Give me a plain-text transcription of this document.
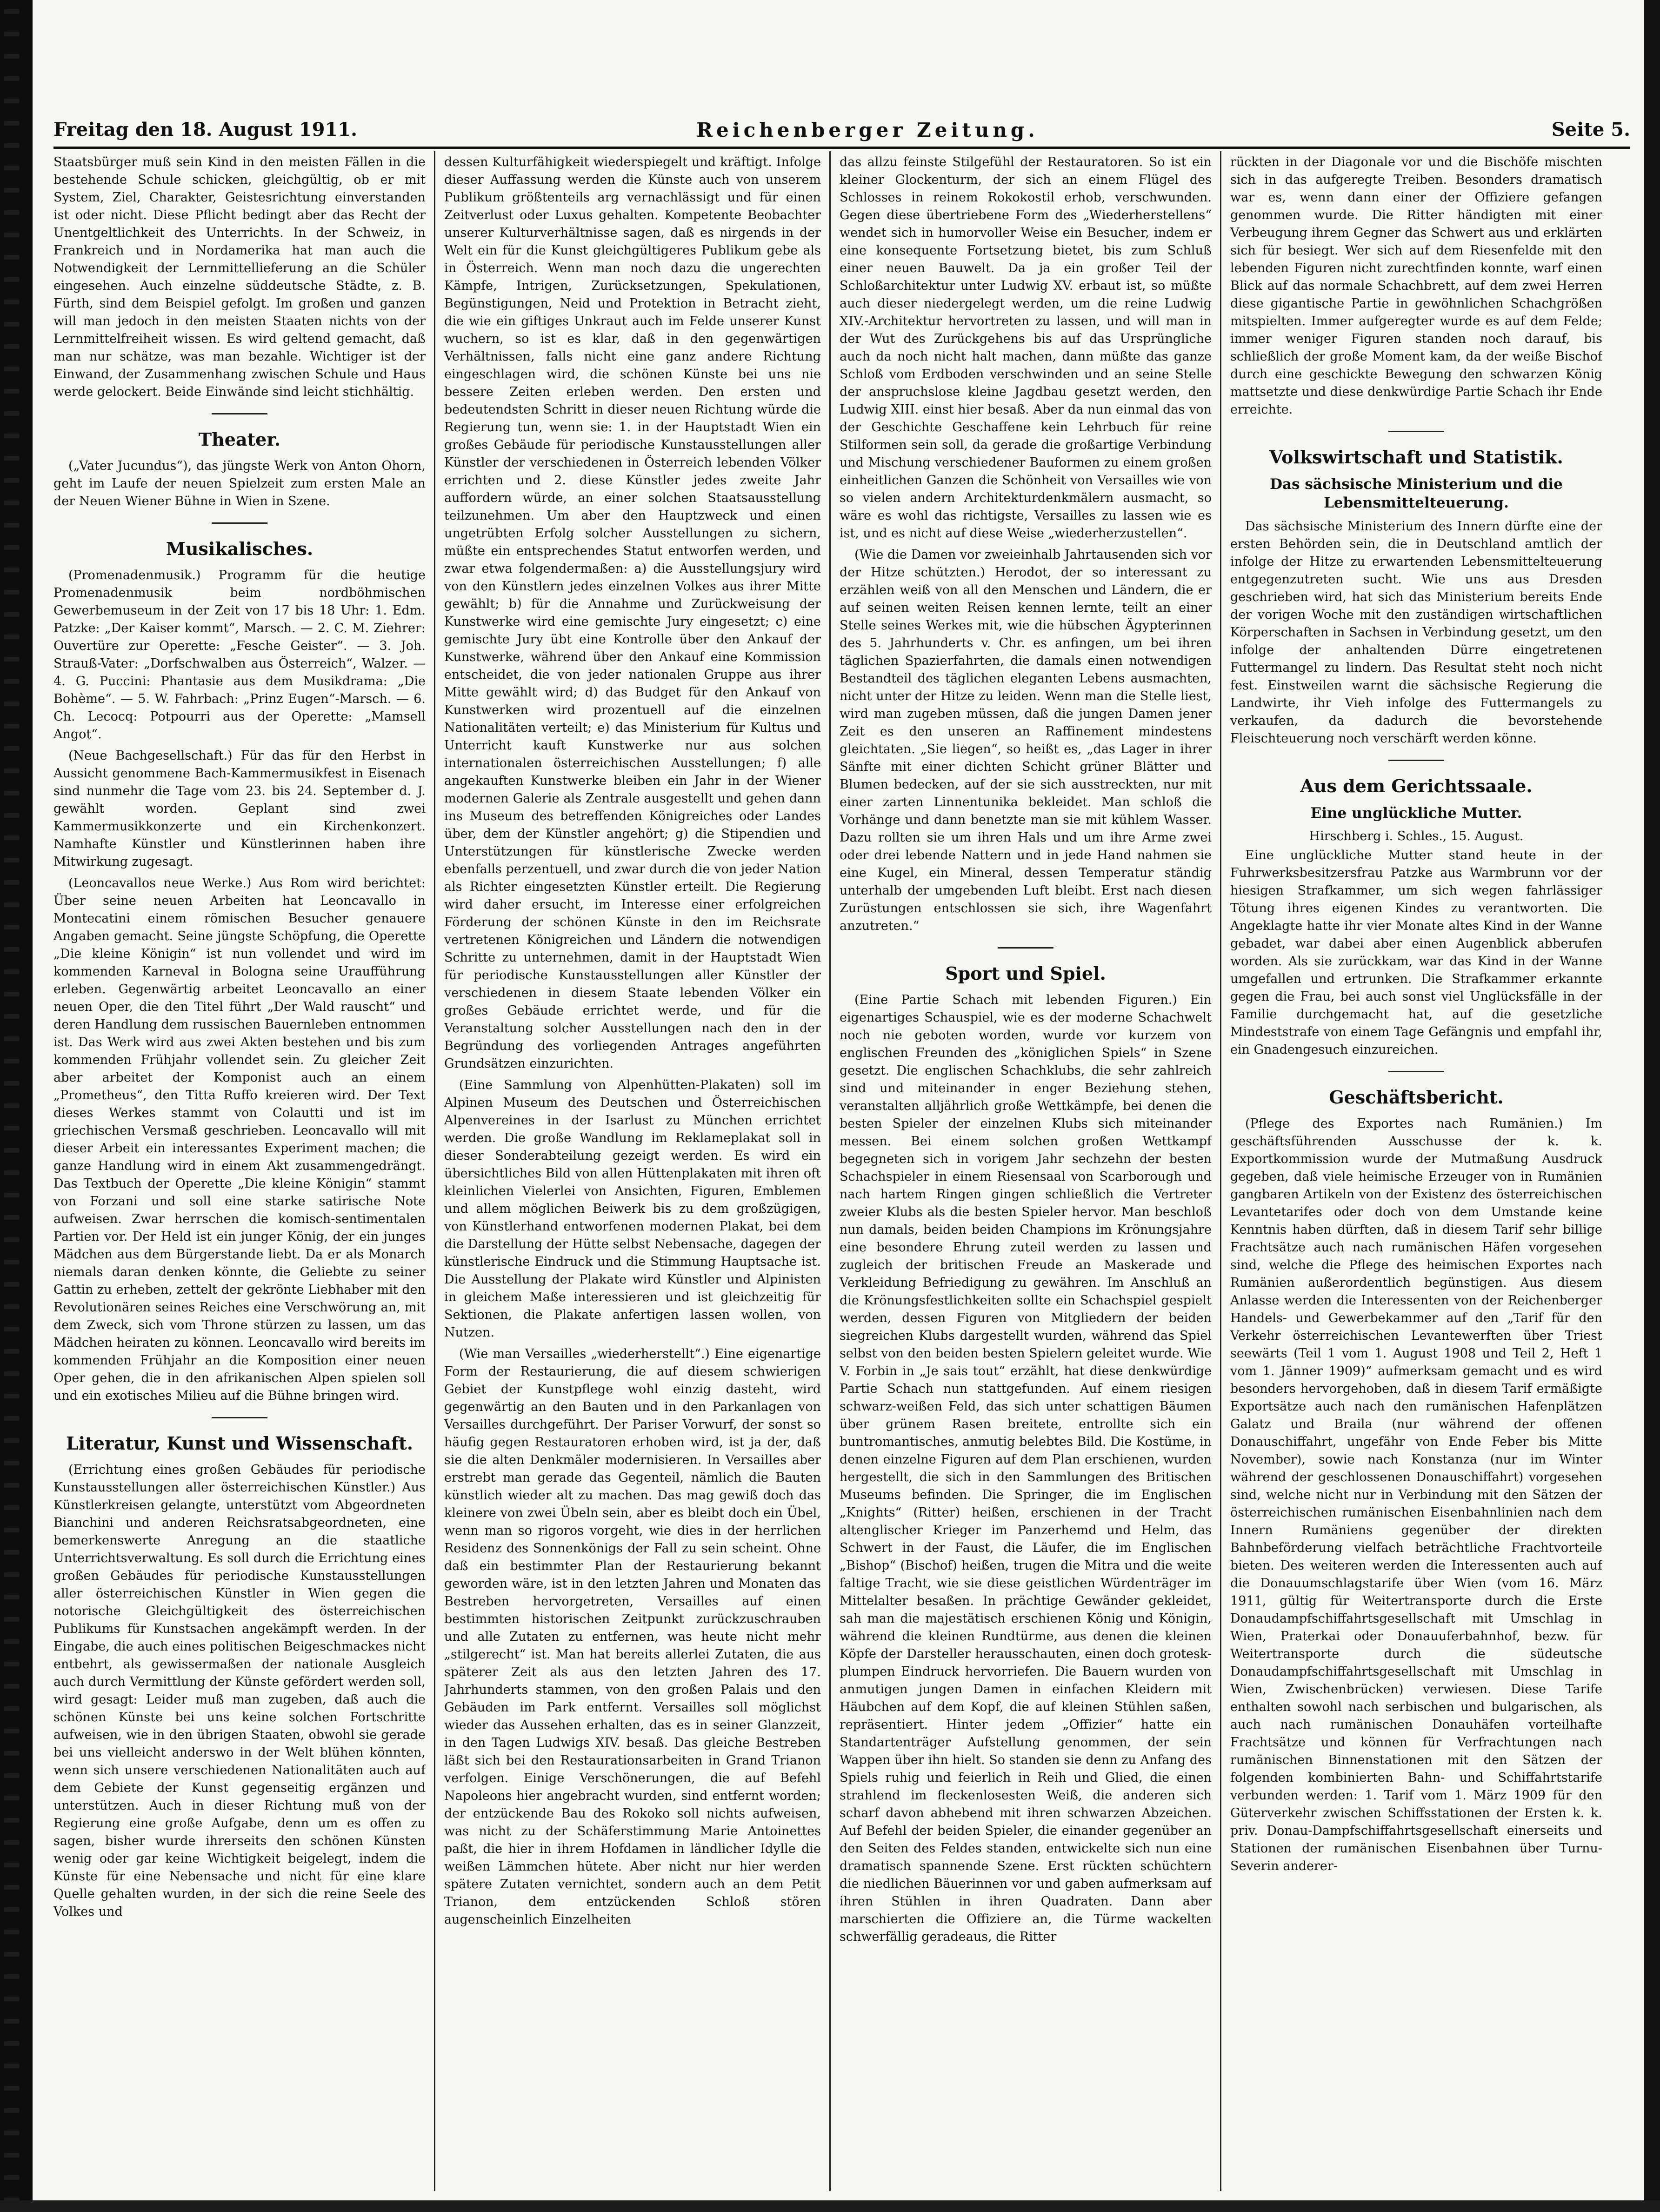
Freitag den 18. August 1911.	Reichenberger Zeitung.	Seite 5.

Staatsbürger muß sein Kind in den meisten Fällen in die bestehende Schule schicken, gleichgültig, ob er mit System, Ziel, Charakter, Geistesrichtung einverstanden ist oder nicht. Diese Pflicht bedingt aber das Recht der Unentgeltlichkeit des Unterrichts. In der Schweiz, in Frankreich und in Nordamerika hat man auch die Notwendigkeit der Lernmittellieferung an die Schüler eingesehen. Auch einzelne süddeutsche Städte, z. B. Fürth, sind dem Beispiel gefolgt. Im großen und ganzen will man jedoch in den meisten Staaten nichts von der Lernmittelfreiheit wissen. Es wird geltend gemacht, daß man nur schätze, was man bezahle. Wichtiger ist der Einwand, der Zusammenhang zwischen Schule und Haus werde gelockert. Beide Einwände sind leicht stichhältig.

Theater.

(„Vater Jucundus“), das jüngste Werk von Anton Ohorn, geht im Laufe der neuen Spielzeit zum ersten Male an der Neuen Wiener Bühne in Wien in Szene.

Musikalisches.

(Promenadenmusik.) Programm für die heutige Promenadenmusik beim nordböhmischen Gewerbemuseum in der Zeit von 17 bis 18 Uhr: 1. Edm. Patzke: „Der Kaiser kommt“, Marsch. — 2. C. M. Ziehrer: Ouvertüre zur Operette: „Fesche Geister“. — 3. Joh. Strauß-Vater: „Dorfschwalben aus Österreich“, Walzer. — 4. G. Puccini: Phantasie aus dem Musikdrama: „Die Bohème“. — 5. W. Fahrbach: „Prinz Eugen“-Marsch. — 6. Ch. Lecocq: Potpourri aus der Operette: „Mamsell Angot“.

(Neue Bachgesellschaft.) Für das für den Herbst in Aussicht genommene Bach-Kammermusikfest in Eisenach sind nunmehr die Tage vom 23. bis 24. September d. J. gewählt worden. Geplant sind zwei Kammermusikkonzerte und ein Kirchenkonzert. Namhafte Künstler und Künstlerinnen haben ihre Mitwirkung zugesagt.

(Leoncavallos neue Werke.) Aus Rom wird berichtet: Über seine neuen Arbeiten hat Leoncavallo in Montecatini einem römischen Besucher genauere Angaben gemacht. Seine jüngste Schöpfung, die Operette „Die kleine Königin“ ist nun vollendet und wird im kommenden Karneval in Bologna seine Uraufführung erleben. Gegenwärtig arbeitet Leoncavallo an einer neuen Oper, die den Titel führt „Der Wald rauscht“ und deren Handlung dem russischen Bauernleben entnommen ist. Das Werk wird aus zwei Akten bestehen und bis zum kommenden Frühjahr vollendet sein. Zu gleicher Zeit aber arbeitet der Komponist auch an einem „Prometheus“, den Titta Ruffo kreieren wird. Der Text dieses Werkes stammt von Colautti und ist im griechischen Versmaß geschrieben. Leoncavallo will mit dieser Arbeit ein interessantes Experiment machen; die ganze Handlung wird in einem Akt zusammengedrängt. Das Textbuch der Operette „Die kleine Königin“ stammt von Forzani und soll eine starke satirische Note aufweisen. Zwar herrschen die komisch-sentimentalen Partien vor. Der Held ist ein junger König, der ein junges Mädchen aus dem Bürgerstande liebt. Da er als Monarch niemals daran denken könnte, die Geliebte zu seiner Gattin zu erheben, zettelt der gekrönte Liebhaber mit den Revolutionären seines Reiches eine Verschwörung an, mit dem Zweck, sich vom Throne stürzen zu lassen, um das Mädchen heiraten zu können. Leoncavallo wird bereits im kommenden Frühjahr an die Komposition einer neuen Oper gehen, die in den afrikanischen Alpen spielen soll und ein exotisches Milieu auf die Bühne bringen wird.

Literatur, Kunst und Wissenschaft.

(Errichtung eines großen Gebäudes für periodische Kunstausstellungen aller österreichischen Künstler.) Aus Künstlerkreisen gelangte, unterstützt vom Abgeordneten Bianchini und anderen Reichsratsabgeordneten, eine bemerkenswerte Anregung an die staatliche Unterrichtsverwaltung. Es soll durch die Errichtung eines großen Gebäudes für periodische Kunstausstellungen aller österreichischen Künstler in Wien gegen die notorische Gleichgültigkeit des österreichischen Publikums für Kunstsachen angekämpft werden. In der Eingabe, die auch eines politischen Beigeschmackes nicht entbehrt, als gewissermaßen der nationale Ausgleich auch durch Vermittlung der Künste gefördert werden soll, wird gesagt: Leider muß man zugeben, daß auch die schönen Künste bei uns keine solchen Fortschritte aufweisen, wie in den übrigen Staaten, obwohl sie gerade bei uns vielleicht anderswo in der Welt blühen könnten, wenn sich unsere verschiedenen Nationalitäten auch auf dem Gebiete der Kunst gegenseitig ergänzen und unterstützen. Auch in dieser Richtung muß von der Regierung eine große Aufgabe, denn um es offen zu sagen, bisher wurde ihrerseits den schönen Künsten wenig oder gar keine Wichtigkeit beigelegt, indem die Künste für eine Nebensache und nicht für eine klare Quelle gehalten wurden, in der sich die reine Seele des Volkes und

dessen Kulturfähigkeit wiederspiegelt und kräftigt. Infolge dieser Auffassung werden die Künste auch von unserem Publikum größtenteils arg vernachlässigt und für einen Zeitverlust oder Luxus gehalten. Kompetente Beobachter unserer Kulturverhältnisse sagen, daß es nirgends in der Welt ein für die Kunst gleichgültigeres Publikum gebe als in Österreich. Wenn man noch dazu die ungerechten Kämpfe, Intrigen, Zurücksetzungen, Spekulationen, Begünstigungen, Neid und Protektion in Betracht zieht, die wie ein giftiges Unkraut auch im Felde unserer Kunst wuchern, so ist es klar, daß in den gegenwärtigen Verhältnissen, falls nicht eine ganz andere Richtung eingeschlagen wird, die schönen Künste bei uns nie bessere Zeiten erleben werden. Den ersten und bedeutendsten Schritt in dieser neuen Richtung würde die Regierung tun, wenn sie: 1. in der Hauptstadt Wien ein großes Gebäude für periodische Kunstausstellungen aller Künstler der verschiedenen in Österreich lebenden Völker errichten und 2. diese Künstler jedes zweite Jahr auffordern würde, an einer solchen Staatsausstellung teilzunehmen. Um aber den Hauptzweck und einen ungetrübten Erfolg solcher Ausstellungen zu sichern, müßte ein entsprechendes Statut entworfen werden, und zwar etwa folgendermaßen: a) die Ausstellungsjury wird von den Künstlern jedes einzelnen Volkes aus ihrer Mitte gewählt; b) für die Annahme und Zurückweisung der Kunstwerke wird eine gemischte Jury eingesetzt; c) eine gemischte Jury übt eine Kontrolle über den Ankauf der Kunstwerke, während über den Ankauf eine Kommission entscheidet, die von jeder nationalen Gruppe aus ihrer Mitte gewählt wird; d) das Budget für den Ankauf von Kunstwerken wird prozentuell auf die einzelnen Nationalitäten verteilt; e) das Ministerium für Kultus und Unterricht kauft Kunstwerke nur aus solchen internationalen österreichischen Ausstellungen; f) alle angekauften Kunstwerke bleiben ein Jahr in der Wiener modernen Galerie als Zentrale ausgestellt und gehen dann ins Museum des betreffenden Königreiches oder Landes über, dem der Künstler angehört; g) die Stipendien und Unterstützungen für künstlerische Zwecke werden ebenfalls perzentuell, und zwar durch die von jeder Nation als Richter eingesetzten Künstler erteilt. Die Regierung wird daher ersucht, im Interesse einer erfolgreichen Förderung der schönen Künste in den im Reichsrate vertretenen Königreichen und Ländern die notwendigen Schritte zu unternehmen, damit in der Hauptstadt Wien für periodische Kunstausstellungen aller Künstler der verschiedenen in diesem Staate lebenden Völker ein großes Gebäude errichtet werde, und für die Veranstaltung solcher Ausstellungen nach den in der Begründung des vorliegenden Antrages angeführten Grundsätzen einzurichten.

(Eine Sammlung von Alpenhütten-Plakaten) soll im Alpinen Museum des Deutschen und Österreichischen Alpenvereines in der Isarlust zu München errichtet werden. Die große Wandlung im Reklameplakat soll in dieser Sonderabteilung gezeigt werden. Es wird ein übersichtliches Bild von allen Hüttenplakaten mit ihren oft kleinlichen Vielerlei von Ansichten, Figuren, Emblemen und allem möglichen Beiwerk bis zu dem großzügigen, von Künstlerhand entworfenen modernen Plakat, bei dem die Darstellung der Hütte selbst Nebensache, dagegen der künstlerische Eindruck und die Stimmung Hauptsache ist. Die Ausstellung der Plakate wird Künstler und Alpinisten in gleichem Maße interessieren und ist gleichzeitig für Sektionen, die Plakate anfertigen lassen wollen, von Nutzen.

(Wie man Versailles „wiederherstellt“.) Eine eigenartige Form der Restaurierung, die auf diesem schwierigen Gebiet der Kunstpflege wohl einzig dasteht, wird gegenwärtig an den Bauten und in den Parkanlagen von Versailles durchgeführt. Der Pariser Vorwurf, der sonst so häufig gegen Restauratoren erhoben wird, ist ja der, daß sie die alten Denkmäler modernisieren. In Versailles aber erstrebt man gerade das Gegenteil, nämlich die Bauten künstlich wieder alt zu machen. Das mag gewiß doch das kleinere von zwei Übeln sein, aber es bleibt doch ein Übel, wenn man so rigoros vorgeht, wie dies in der herrlichen Residenz des Sonnenkönigs der Fall zu sein scheint. Ohne daß ein bestimmter Plan der Restaurierung bekannt geworden wäre, ist in den letzten Jahren und Monaten das Bestreben hervorgetreten, Versailles auf einen bestimmten historischen Zeitpunkt zurückzuschrauben und alle Zutaten zu entfernen, was heute nicht mehr „stilgerecht“ ist. Man hat bereits allerlei Zutaten, die aus späterer Zeit als aus den letzten Jahren des 17. Jahrhunderts stammen, von den großen Palais und den Gebäuden im Park entfernt. Versailles soll möglichst wieder das Aussehen erhalten, das es in seiner Glanzzeit, in den Tagen Ludwigs XIV. besaß. Das gleiche Bestreben läßt sich bei den Restaurationsarbeiten in Grand Trianon verfolgen. Einige Verschönerungen, die auf Befehl Napoleons hier angebracht wurden, sind entfernt worden; der entzückende Bau des Rokoko soll nichts aufweisen, was nicht zu der Schäferstimmung Marie Antoinettes paßt, die hier in ihrem Hofdamen in ländlicher Idylle die weißen Lämmchen hütete. Aber nicht nur hier werden spätere Zutaten vernichtet, sondern auch an dem Petit Trianon, dem entzückenden Schloß stören augenscheinlich Einzelheiten

das allzu feinste Stilgefühl der Restauratoren. So ist ein kleiner Glockenturm, der sich an einem Flügel des Schlosses in reinem Rokokostil erhob, verschwunden. Gegen diese übertriebene Form des „Wiederherstellens“ wendet sich in humorvoller Weise ein Besucher, indem er eine konsequente Fortsetzung bietet, bis zum Schluß einer neuen Bauwelt. Da ja ein großer Teil der Schloßarchitektur unter Ludwig XV. erbaut ist, so müßte auch dieser niedergelegt werden, um die reine Ludwig XIV.-Architektur hervortreten zu lassen, und will man in der Wut des Zurückgehens bis auf das Ursprüngliche auch da noch nicht halt machen, dann müßte das ganze Schloß vom Erdboden verschwinden und an seine Stelle der anspruchslose kleine Jagdbau gesetzt werden, den Ludwig XIII. einst hier besaß. Aber da nun einmal das von der Geschichte Geschaffene kein Lehrbuch für reine Stilformen sein soll, da gerade die großartige Verbindung und Mischung verschiedener Bauformen zu einem großen einheitlichen Ganzen die Schönheit von Versailles wie von so vielen andern Architekturdenkmälern ausmacht, so wäre es wohl das richtigste, Versailles zu lassen wie es ist, und es nicht auf diese Weise „wiederherzustellen“.

(Wie die Damen vor zweieinhalb Jahrtausenden sich vor der Hitze schützten.) Herodot, der so interessant zu erzählen weiß von all den Menschen und Ländern, die er auf seinen weiten Reisen kennen lernte, teilt an einer Stelle seines Werkes mit, wie die hübschen Ägypterinnen des 5. Jahrhunderts v. Chr. es anfingen, um bei ihren täglichen Spazierfahrten, die damals einen notwendigen Bestandteil des täglichen eleganten Lebens ausmachten, nicht unter der Hitze zu leiden. Wenn man die Stelle liest, wird man zugeben müssen, daß die jungen Damen jener Zeit es den unseren an Raffinement mindestens gleichtaten. „Sie liegen“, so heißt es, „das Lager in ihrer Sänfte mit einer dichten Schicht grüner Blätter und Blumen bedecken, auf der sie sich ausstreckten, nur mit einer zarten Linnentunika bekleidet. Man schloß die Vorhänge und dann benetzte man sie mit kühlem Wasser. Dazu rollten sie um ihren Hals und um ihre Arme zwei oder drei lebende Nattern und in jede Hand nahmen sie eine Kugel, ein Mineral, dessen Temperatur ständig unterhalb der umgebenden Luft bleibt. Erst nach diesen Zurüstungen entschlossen sie sich, ihre Wagenfahrt anzutreten.“

Sport und Spiel.

(Eine Partie Schach mit lebenden Figuren.) Ein eigenartiges Schauspiel, wie es der moderne Schachwelt noch nie geboten worden, wurde vor kurzem von englischen Freunden des „königlichen Spiels“ in Szene gesetzt. Die englischen Schachklubs, die sehr zahlreich sind und miteinander in enger Beziehung stehen, veranstalten alljährlich große Wettkämpfe, bei denen die besten Spieler der einzelnen Klubs sich miteinander messen. Bei einem solchen großen Wettkampf begegneten sich in vorigem Jahr sechzehn der besten Schachspieler in einem Riesensaal von Scarborough und nach hartem Ringen gingen schließlich die Vertreter zweier Klubs als die besten Spieler hervor. Man beschloß nun damals, beiden beiden Champions im Krönungsjahre eine besondere Ehrung zuteil werden zu lassen und zugleich der britischen Freude an Maskerade und Verkleidung Befriedigung zu gewähren. Im Anschluß an die Krönungsfestlichkeiten sollte ein Schachspiel gespielt werden, dessen Figuren von Mitgliedern der beiden siegreichen Klubs dargestellt wurden, während das Spiel selbst von den beiden besten Spielern geleitet wurde. Wie V. Forbin in „Je sais tout“ erzählt, hat diese denkwürdige Partie Schach nun stattgefunden. Auf einem riesigen schwarz-weißen Feld, das sich unter schattigen Bäumen über grünem Rasen breitete, entrollte sich ein buntromantisches, anmutig belebtes Bild. Die Kostüme, in denen einzelne Figuren auf dem Plan erschienen, wurden hergestellt, die sich in den Sammlungen des Britischen Museums befinden. Die Springer, die im Englischen „Knights“ (Ritter) heißen, erschienen in der Tracht altenglischer Krieger im Panzerhemd und Helm, das Schwert in der Faust, die Läufer, die im Englischen „Bishop“ (Bischof) heißen, trugen die Mitra und die weite faltige Tracht, wie sie diese geistlichen Würdenträger im Mittelalter besaßen. In prächtige Gewänder gekleidet, sah man die majestätisch erschienen König und Königin, während die kleinen Rundtürme, aus denen die kleinen Köpfe der Darsteller herausschauten, einen doch grotesk-plumpen Eindruck hervorriefen. Die Bauern wurden von anmutigen jungen Damen in einfachen Kleidern mit Häubchen auf dem Kopf, die auf kleinen Stühlen saßen, repräsentiert. Hinter jedem „Offizier“ hatte ein Standartenträger Aufstellung genommen, der sein Wappen über ihn hielt. So standen sie denn zu Anfang des Spiels ruhig und feierlich in Reih und Glied, die einen strahlend im fleckenlosesten Weiß, die anderen sich scharf davon abhebend mit ihren schwarzen Abzeichen. Auf Befehl der beiden Spieler, die einander gegenüber an den Seiten des Feldes standen, entwickelte sich nun eine dramatisch spannende Szene. Erst rückten schüchtern die niedlichen Bäuerinnen vor und gaben aufmerksam auf ihren Stühlen in ihren Quadraten. Dann aber marschierten die Offiziere an, die Türme wackelten schwerfällig geradeaus, die Ritter

rückten in der Diagonale vor und die Bischöfe mischten sich in das aufgeregte Treiben. Besonders dramatisch war es, wenn dann einer der Offiziere gefangen genommen wurde. Die Ritter händigten mit einer Verbeugung ihrem Gegner das Schwert aus und erklärten sich für besiegt. Wer sich auf dem Riesenfelde mit den lebenden Figuren nicht zurechtfinden konnte, warf einen Blick auf das normale Schachbrett, auf dem zwei Herren diese gigantische Partie in gewöhnlichen Schachgrößen mitspielten. Immer aufgeregter wurde es auf dem Felde; immer weniger Figuren standen noch darauf, bis schließlich der große Moment kam, da der weiße Bischof durch eine geschickte Bewegung den schwarzen König mattsetzte und diese denkwürdige Partie Schach ihr Ende erreichte.

Volkswirtschaft und Statistik.
Das sächsische Ministerium und die Lebensmittelteuerung.

Das sächsische Ministerium des Innern dürfte eine der ersten Behörden sein, die in Deutschland amtlich der infolge der Hitze zu erwartenden Lebensmittelteuerung entgegenzutreten sucht. Wie uns aus Dresden geschrieben wird, hat sich das Ministerium bereits Ende der vorigen Woche mit den zuständigen wirtschaftlichen Körperschaften in Sachsen in Verbindung gesetzt, um den infolge der anhaltenden Dürre eingetretenen Futtermangel zu lindern. Das Resultat steht noch nicht fest. Einstweilen warnt die sächsische Regierung die Landwirte, ihr Vieh infolge des Futtermangels zu verkaufen, da dadurch die bevorstehende Fleischteuerung noch verschärft werden könne.

Aus dem Gerichtssaale.
Eine unglückliche Mutter.
Hirschberg i. Schles., 15. August.

Eine unglückliche Mutter stand heute in der Fuhrwerksbesitzersfrau Patzke aus Warmbrunn vor der hiesigen Strafkammer, um sich wegen fahrlässiger Tötung ihres eigenen Kindes zu verantworten. Die Angeklagte hatte ihr vier Monate altes Kind in der Wanne gebadet, war dabei aber einen Augenblick abberufen worden. Als sie zurückkam, war das Kind in der Wanne umgefallen und ertrunken. Die Strafkammer erkannte gegen die Frau, bei auch sonst viel Unglücksfälle in der Familie durchgemacht hat, auf die gesetzliche Mindeststrafe von einem Tage Gefängnis und empfahl ihr, ein Gnadengesuch einzureichen.

Geschäftsbericht.

(Pflege des Exportes nach Rumänien.) Im geschäftsführenden Ausschusse der k. k. Exportkommission wurde der Mutmaßung Ausdruck gegeben, daß viele heimische Erzeuger von in Rumänien gangbaren Artikeln von der Existenz des österreichischen Levantetarifes oder doch von dem Umstande keine Kenntnis haben dürften, daß in diesem Tarif sehr billige Frachtsätze auch nach rumänischen Häfen vorgesehen sind, welche die Pflege des heimischen Exportes nach Rumänien außerordentlich begünstigen. Aus diesem Anlasse werden die Interessenten von der Reichenberger Handels- und Gewerbekammer auf den „Tarif für den Verkehr österreichischen Levantewerften über Triest seewärts (Teil 1 vom 1. August 1908 und Teil 2, Heft 1 vom 1. Jänner 1909)“ aufmerksam gemacht und es wird besonders hervorgehoben, daß in diesem Tarif ermäßigte Exportsätze auch nach den rumänischen Hafenplätzen Galatz und Braila (nur während der offenen Donauschiffahrt, ungefähr von Ende Feber bis Mitte November), sowie nach Konstanza (nur im Winter während der geschlossenen Donauschiffahrt) vorgesehen sind, welche nicht nur in Verbindung mit den Sätzen der österreichischen rumänischen Eisenbahnlinien nach dem Innern Rumäniens gegenüber der direkten Bahnbeförderung vielfach beträchtliche Frachtvorteile bieten. Des weiteren werden die Interessenten auch auf die Donauumschlagstarife über Wien (vom 16. März 1911, gültig für Weitertransporte durch die Erste Donaudampfschiffahrtsgesellschaft mit Umschlag in Wien, Praterkai oder Donauuferbahnhof, bezw. für Weitertransporte durch die südeutsche Donaudampfschiffahrtsgesellschaft mit Umschlag in Wien, Zwischenbrücken) verwiesen. Diese Tarife enthalten sowohl nach serbischen und bulgarischen, als auch nach rumänischen Donauhäfen vorteilhafte Frachtsätze und können für Verfrachtungen nach rumänischen Binnenstationen mit den Sätzen der folgenden kombinierten Bahn- und Schiffahrtstarife verbunden werden: 1. Tarif vom 1. März 1909 für den Güterverkehr zwischen Schiffsstationen der Ersten k. k. priv. Donau-Dampfschiffahrtsgesellschaft einerseits und Stationen der rumänischen Eisenbahnen über Turnu-Severin anderer-
